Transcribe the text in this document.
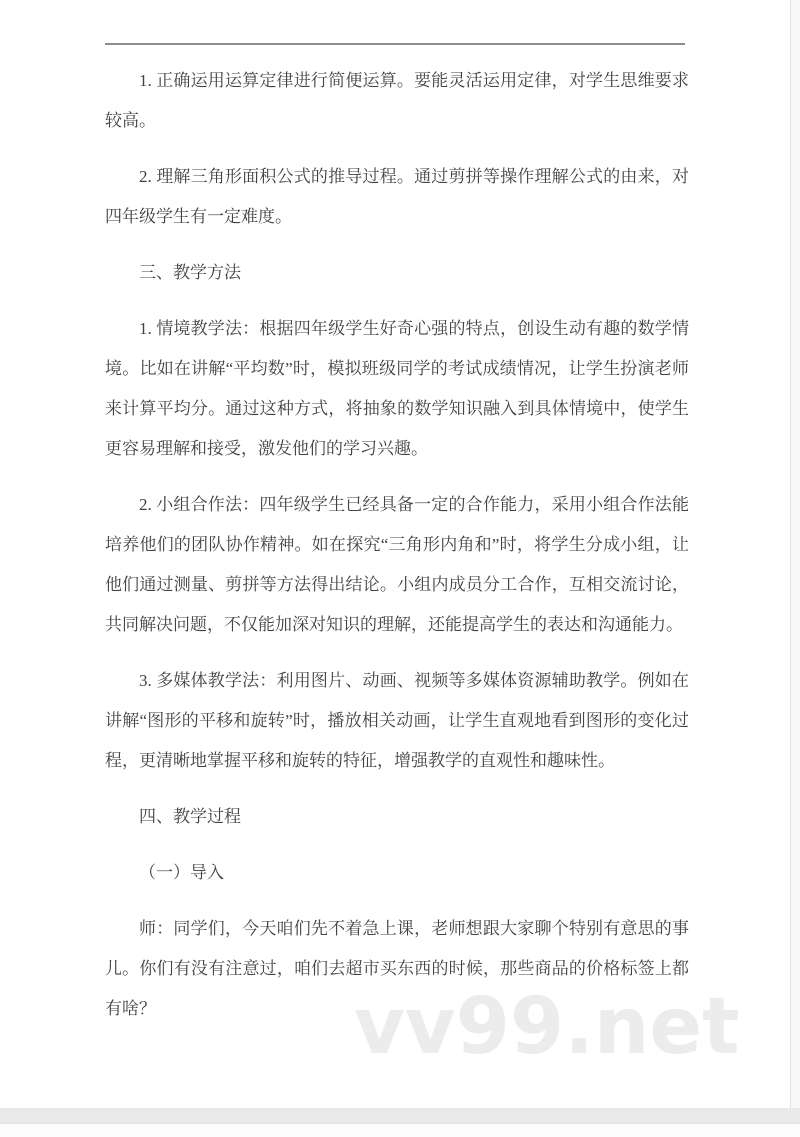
1. 正确运用运算定律进行简便运算。要能灵活运用定律，对学生思维要求较高。

2. 理解三角形面积公式的推导过程。通过剪拼等操作理解公式的由来，对四年级学生有一定难度。

三、教学方法

1. 情境教学法：根据四年级学生好奇心强的特点，创设生动有趣的数学情境。比如在讲解“平均数”时，模拟班级同学的考试成绩情况，让学生扮演老师来计算平均分。通过这种方式，将抽象的数学知识融入到具体情境中，使学生更容易理解和接受，激发他们的学习兴趣。

2. 小组合作法：四年级学生已经具备一定的合作能力，采用小组合作法能培养他们的团队协作精神。如在探究“三角形内角和”时，将学生分成小组，让他们通过测量、剪拼等方法得出结论。小组内成员分工合作，互相交流讨论，共同解决问题，不仅能加深对知识的理解，还能提高学生的表达和沟通能力。

3. 多媒体教学法：利用图片、动画、视频等多媒体资源辅助教学。例如在讲解“图形的平移和旋转”时，播放相关动画，让学生直观地看到图形的变化过程，更清晰地掌握平移和旋转的特征，增强教学的直观性和趣味性。

四、教学过程

（一）导入

师：同学们，今天咱们先不着急上课，老师想跟大家聊个特别有意思的事儿。你们有没有注意过，咱们去超市买东西的时候，那些商品的价格标签上都有啥？	vv99.net
